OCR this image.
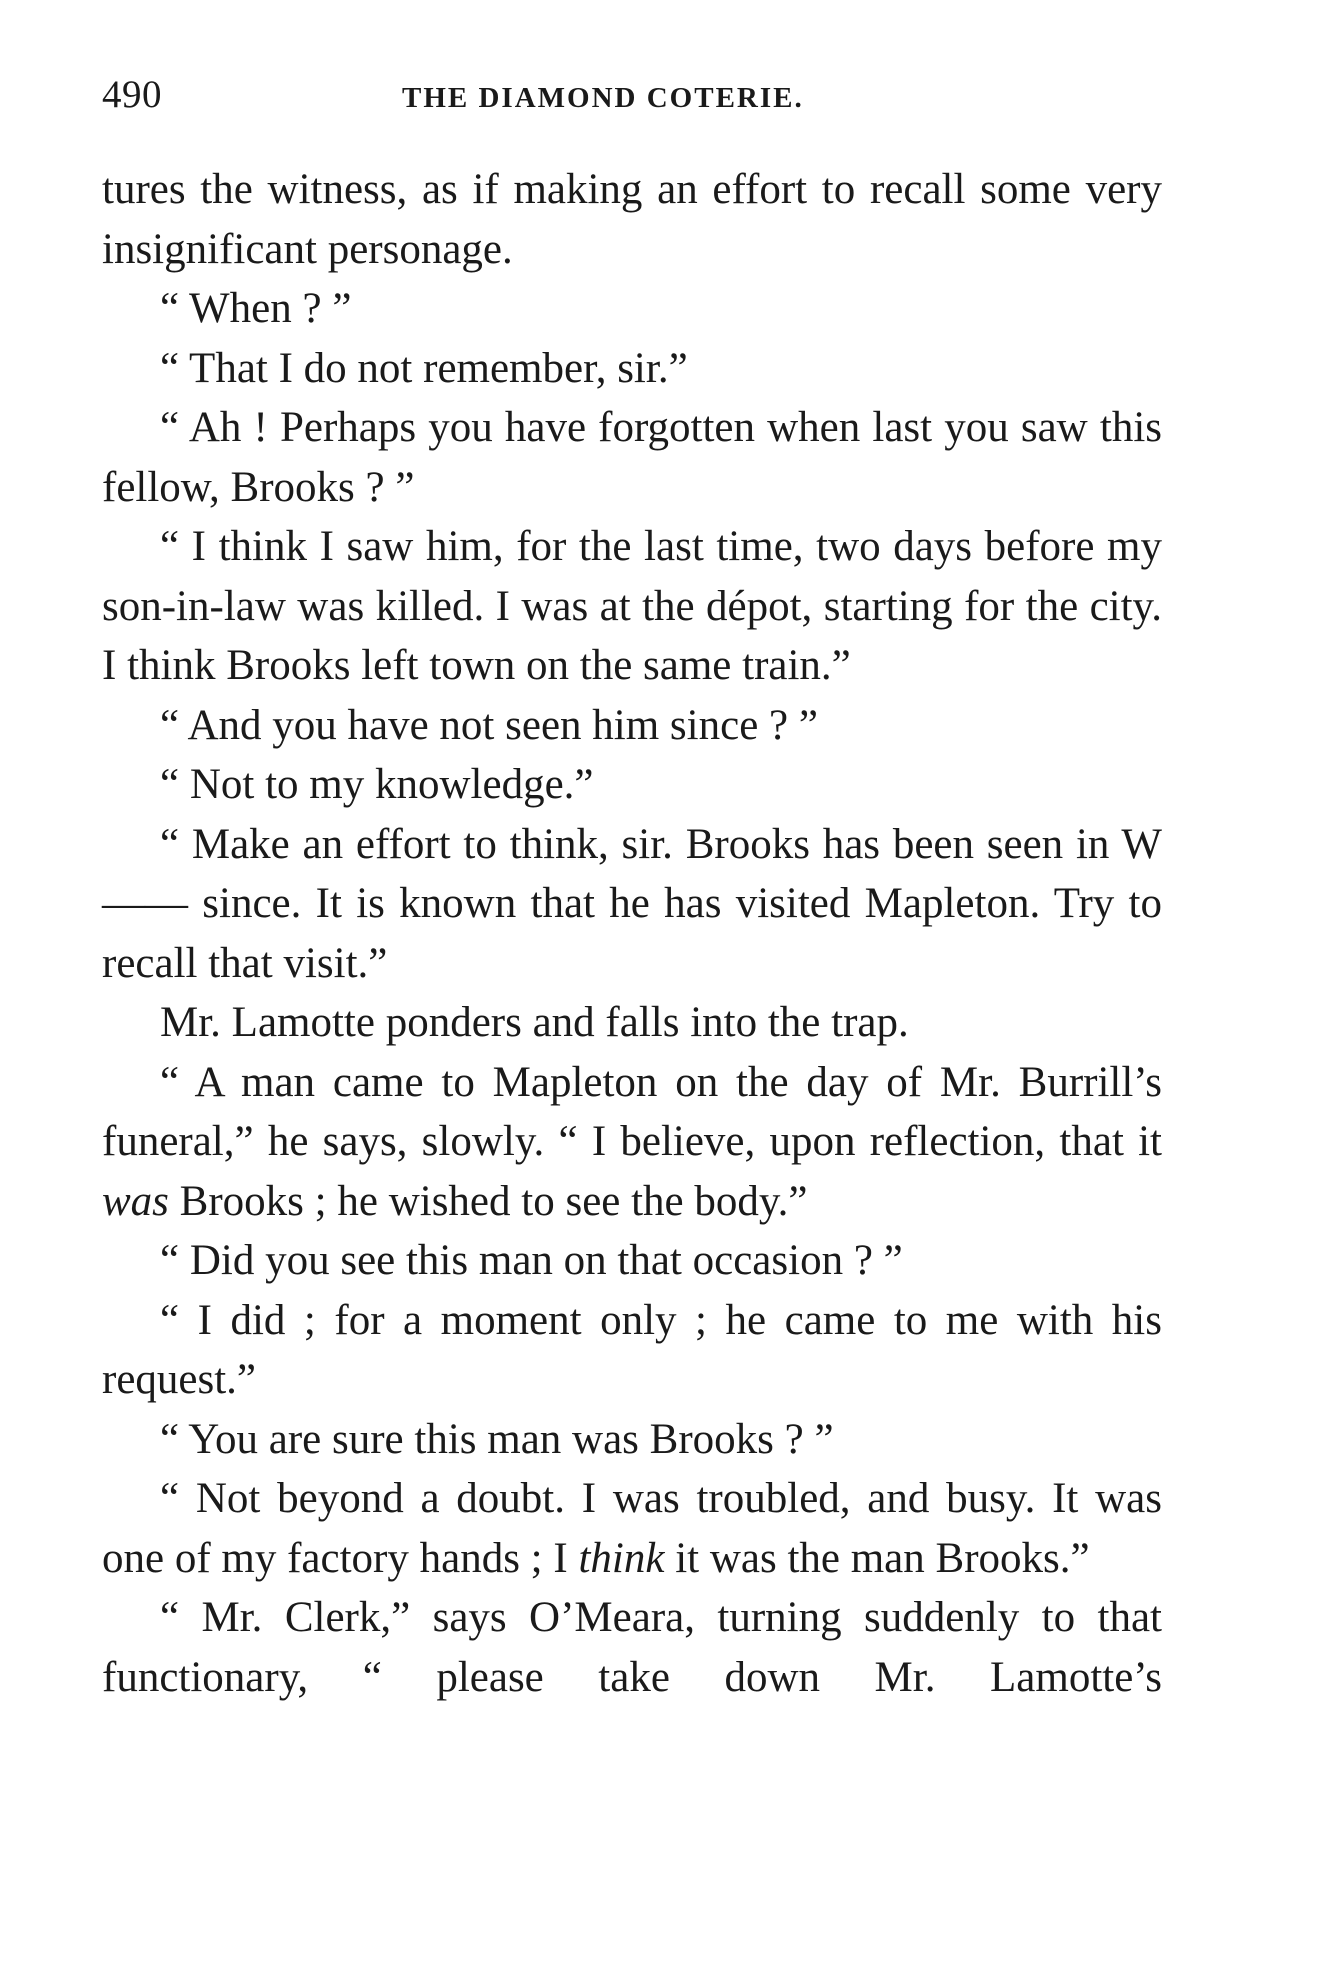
490	THE DIAMOND COTERIE.

tures the witness, as if making an effort to recall some very insignificant personage.

“ When ? ”

“ That I do not remember, sir.”

“ Ah ! Perhaps you have forgotten when last you saw this fellow, Brooks ? ”

“ I think I saw him, for the last time, two days before my son-in-law was killed. I was at the dépot, starting for the city. I think Brooks left town on the same train.”

“ And you have not seen him since ? ”

“ Not to my knowledge.”

“ Make an effort to think, sir. Brooks has been seen in W—— since. It is known that he has visited Mapleton. Try to recall that visit.”

Mr. Lamotte ponders and falls into the trap.

“ A man came to Mapleton on the day of Mr. Burrill’s funeral,” he says, slowly. “ I believe, upon reflection, that it was Brooks ; he wished to see the body.”

“ Did you see this man on that occasion ? ”

“ I did ; for a moment only ; he came to me with his request.”

“ You are sure this man was Brooks ? ”

“ Not beyond a doubt. I was troubled, and busy. It was one of my factory hands ; I think it was the man Brooks.”

“ Mr. Clerk,” says O’Meara, turning suddenly to that functionary, “ please take down Mr. Lamotte’s
